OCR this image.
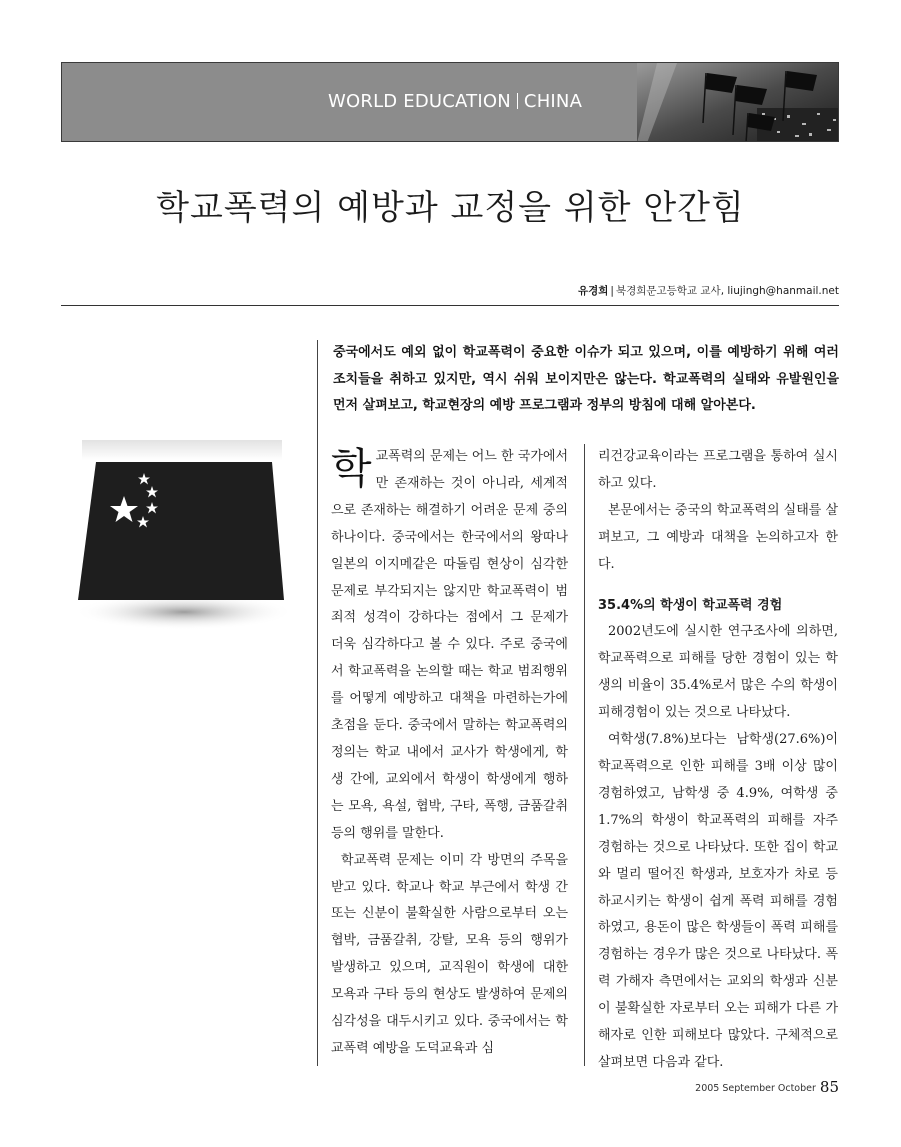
WORLD EDUCATION CHINA
학교폭력의 예방과 교정을 위한 안간힘
유경희 | 북경희문고등학교 교사, liujingh@hanmail.net
중국에서도 예외 없이 학교폭력이 중요한 이슈가 되고 있으며, 이를 예방하기 위해 여러 조치들을 취하고 있지만, 역시 쉬워 보이지만은 않는다. 학교폭력의 실태와 유발원인을 먼저 살펴보고, 학교현장의 예방 프로그램과 정부의 방침에 대해 알아본다.

학교폭력의 문제는 어느 한 국가에서만 존재하는 것이 아니라, 세계적으로 존재하는 해결하기 어려운 문제 중의 하나이다. 중국에서는 한국에서의 왕따나 일본의 이지메같은 따돌림 현상이 심각한 문제로 부각되지는 않지만 학교폭력이 범죄적 성격이 강하다는 점에서 그 문제가 더욱 심각하다고 볼 수 있다. 주로 중국에서 학교폭력을 논의할 때는 학교 범죄행위를 어떻게 예방하고 대책을 마련하는가에 초점을 둔다. 중국에서 말하는 학교폭력의 정의는 학교 내에서 교사가 학생에게, 학생 간에, 교외에서 학생이 학생에게 행하는 모욕, 욕설, 협박, 구타, 폭행, 금품갈취 등의 행위를 말한다.

학교폭력 문제는 이미 각 방면의 주목을 받고 있다. 학교나 학교 부근에서 학생 간 또는 신분이 불확실한 사람으로부터 오는 협박, 금품갈취, 강탈, 모욕 등의 행위가 발생하고 있으며, 교직원이 학생에 대한 모욕과 구타 등의 현상도 발생하여 문제의 심각성을 대두시키고 있다. 중국에서는 학교폭력 예방을 도덕교육과 심

리건강교육이라는 프로그램을 통하여 실시하고 있다.

본문에서는 중국의 학교폭력의 실태를 살펴보고, 그 예방과 대책을 논의하고자 한다.

35.4%의 학생이 학교폭력 경험

2002년도에 실시한 연구조사에 의하면, 학교폭력으로 피해를 당한 경험이 있는 학생의 비율이 35.4%로서 많은 수의 학생이 피해경험이 있는 것으로 나타났다.

여학생(7.8%)보다는 남학생(27.6%)이 학교폭력으로 인한 피해를 3배 이상 많이 경험하였고, 남학생 중 4.9%, 여학생 중 1.7%의 학생이 학교폭력의 피해를 자주 경험하는 것으로 나타났다. 또한 집이 학교와 멀리 떨어진 학생과, 보호자가 차로 등하교시키는 학생이 쉽게 폭력 피해를 경험하였고, 용돈이 많은 학생들이 폭력 피해를 경험하는 경우가 많은 것으로 나타났다. 폭력 가해자 측면에서는 교외의 학생과 신분이 불확실한 자로부터 오는 피해가 다른 가해자로 인한 피해보다 많았다. 구체적으로 살펴보면 다음과 같다.

2005 September October 85
